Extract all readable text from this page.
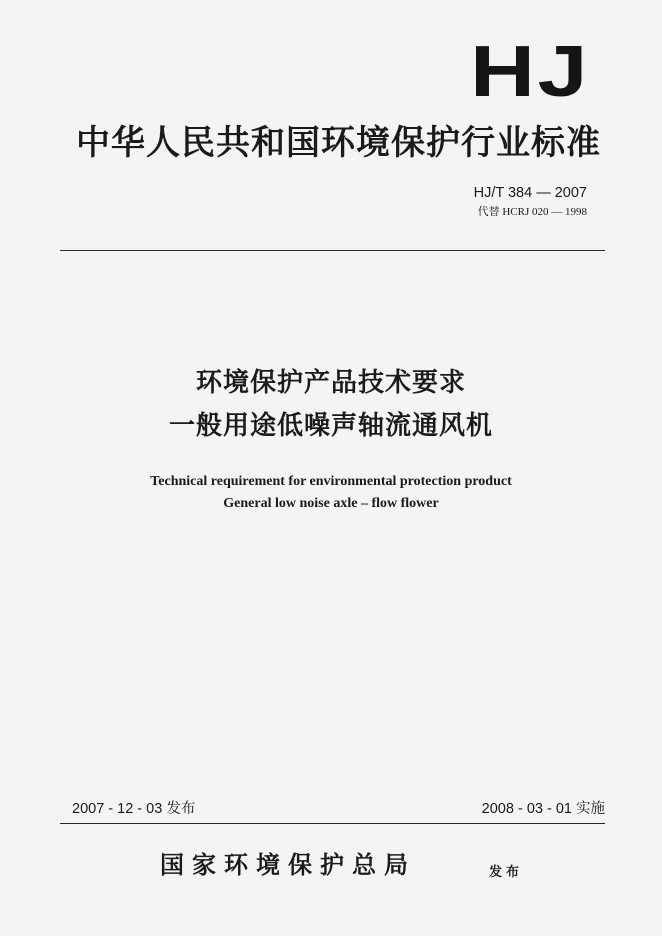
HJ
中华人民共和国环境保护行业标准
HJ/T 384 — 2007
代替 HCRJ 020 — 1998
环境保护产品技术要求
一般用途低噪声轴流通风机
Technical requirement for environmental protection product
General low noise axle – flow flower
2007 - 12 - 03 发布	2008 - 03 - 01 实施
国家环境保护总局	发布
